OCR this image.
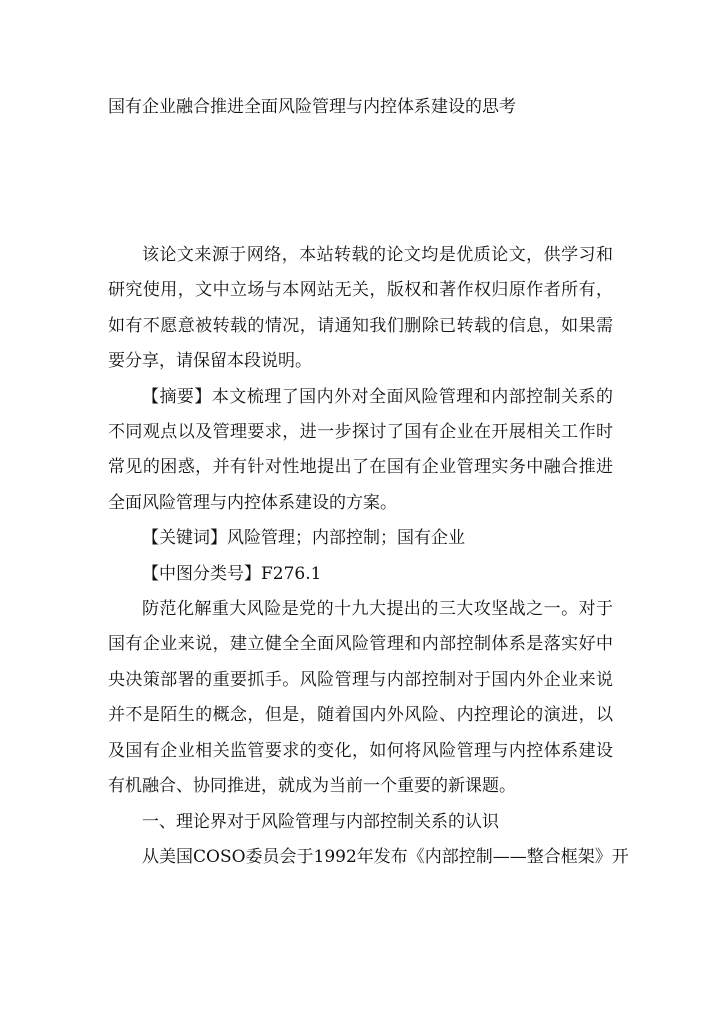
国有企业融合推进全面风险管理与内控体系建设的思考

该论文来源于网络，本站转载的论文均是优质论文，供学习和研究使用，文中立场与本网站无关，版权和著作权归原作者所有，如有不愿意被转载的情况，请通知我们删除已转载的信息，如果需要分享，请保留本段说明。

【摘要】本文梳理了国内外对全面风险管理和内部控制关系的不同观点以及管理要求，进一步探讨了国有企业在开展相关工作时常见的困惑，并有针对性地提出了在国有企业管理实务中融合推进全面风险管理与内控体系建设的方案。

【关键词】风险管理；内部控制；国有企业

【中图分类号】F276.1

防范化解重大风险是党的十九大提出的三大攻坚战之一。对于国有企业来说，建立健全全面风险管理和内部控制体系是落实好中央决策部署的重要抓手。风险管理与内部控制对于国内外企业来说并不是陌生的概念，但是，随着国内外风险、内控理论的演进，以及国有企业相关监管要求的变化，如何将风险管理与内控体系建设有机融合、协同推进，就成为当前一个重要的新课题。

一、理论界对于风险管理与内部控制关系的认识

从美国COSO委员会于1992年发布《内部控制——整合框架》开
